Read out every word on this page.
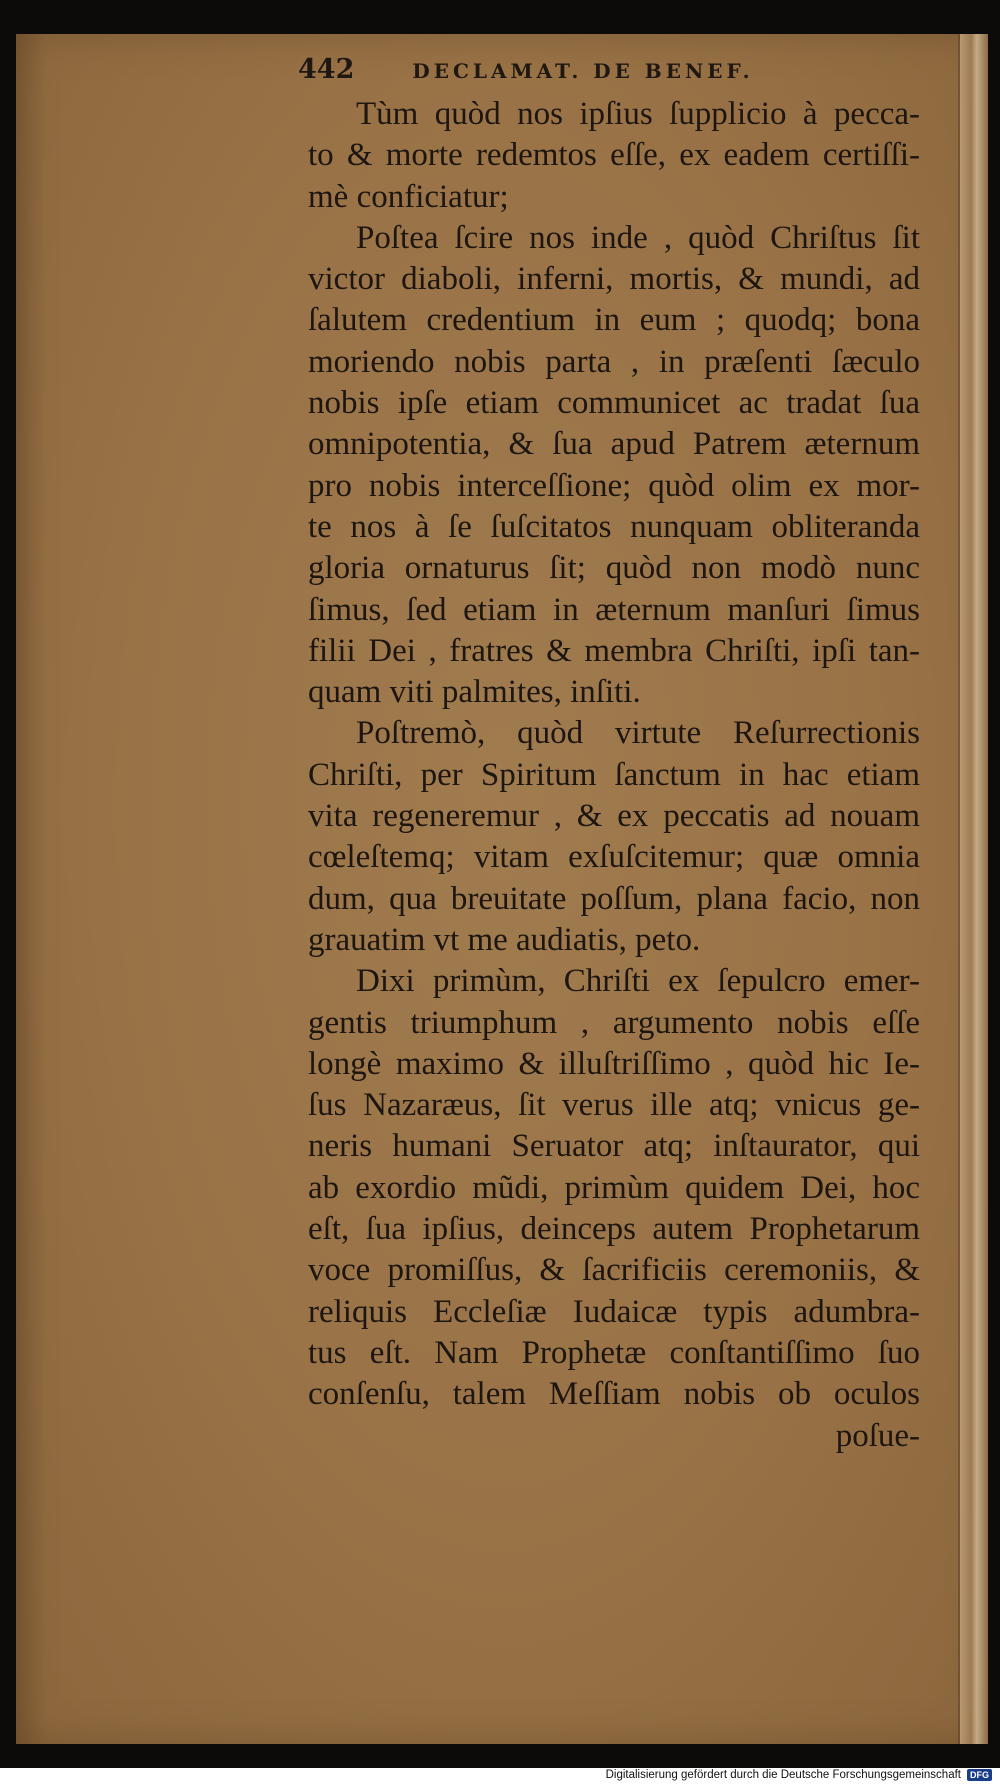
442	DECLAMAT. DE BENEF.
Tùm quòd nos ipſius ſupplicio à pecca-
to & morte redemtos eſſe, ex eadem certiſſi-
mè conficiatur;
Poſtea ſcire nos inde , quòd Chriſtus ſit
victor diaboli, inferni, mortis, & mundi, ad
ſalutem credentium in eum ; quodq; bona
moriendo nobis parta , in præſenti ſæculo
nobis ipſe etiam communicet ac tradat ſua
omnipotentia, & ſua apud Patrem æternum
pro nobis interceſſione; quòd olim ex mor-
te nos à ſe ſuſcitatos nunquam obliteranda
gloria ornaturus ſit; quòd non modò nunc
ſimus, ſed etiam in æternum manſuri ſimus
filii Dei , fratres & membra Chriſti, ipſi tan-
quam viti palmites, inſiti.
Poſtremò, quòd virtute Reſurrectionis
Chriſti, per Spiritum ſanctum in hac etiam
vita regeneremur , & ex peccatis ad nouam
cœleſtemq; vitam exſuſcitemur; quæ omnia
dum, qua breuitate poſſum, plana facio, non
grauatim vt me audiatis, peto.
Dixi primùm, Chriſti ex ſepulcro emer-
gentis triumphum , argumento nobis eſſe
longè maximo & illuſtriſſimo , quòd hic Ie-
ſus Nazaræus, ſit verus ille atq; vnicus ge-
neris humani Seruator atq; inſtaurator, qui
ab exordio mũdi, primùm quidem Dei, hoc
eſt, ſua ipſius, deinceps autem Prophetarum
voce promiſſus, & ſacrificiis ceremoniis, &
reliquis Eccleſiæ Iudaicæ typis adumbra-
tus eſt. Nam Prophetæ conſtantiſſimo ſuo
conſenſu, talem Meſſiam nobis ob oculos
poſue-
Digitalisierung gefördert durch die Deutsche Forschungsgemeinschaft	DFG
